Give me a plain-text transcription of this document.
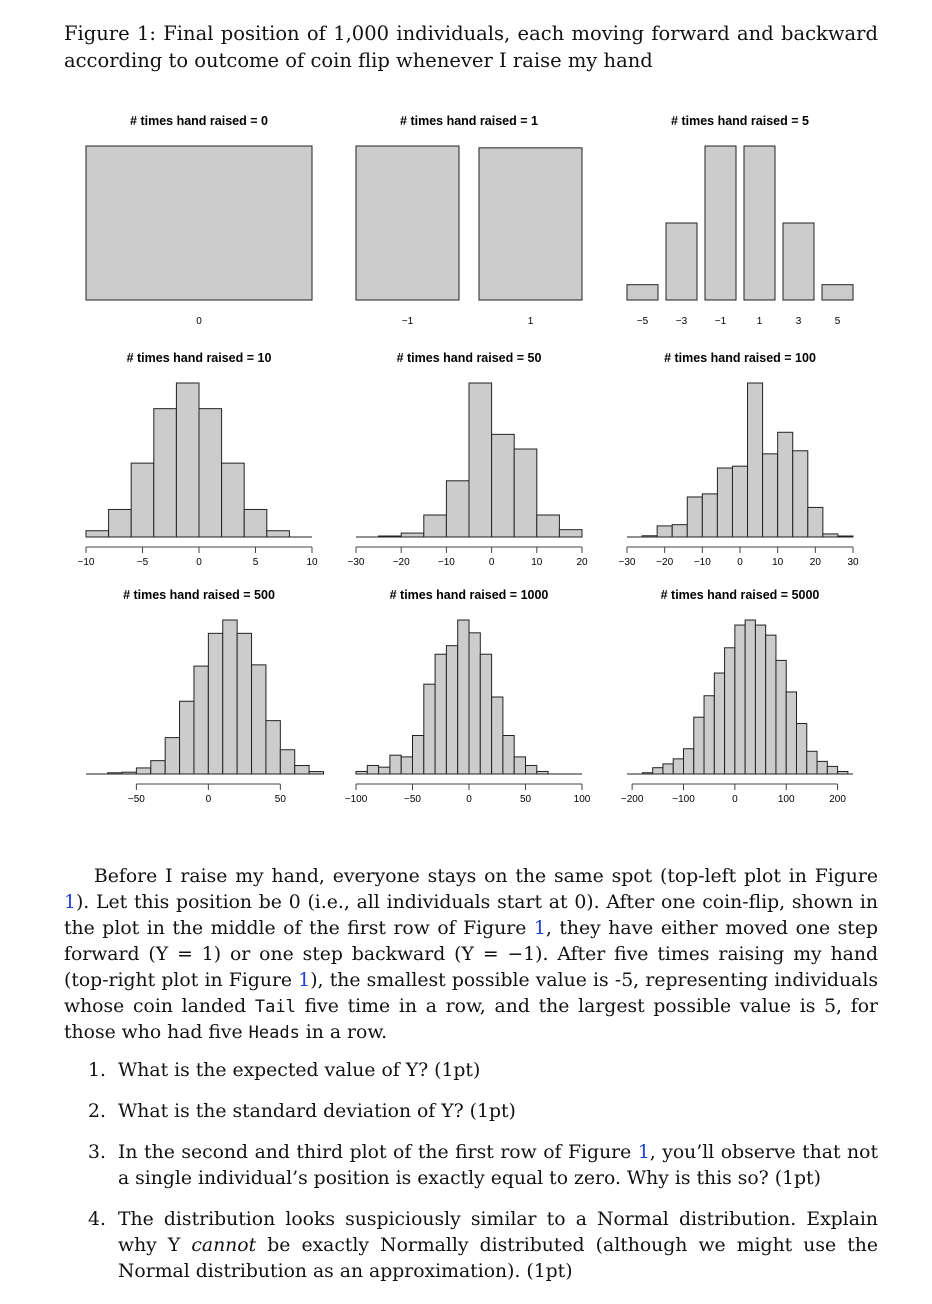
Figure 1: Final position of 1,000 individuals, each moving forward and backward according to outcome of coin flip whenever I raise my hand
# times hand raised = 0
0
# times hand raised = 1
−1	1
# times hand raised = 5
−5	−3	−1	1	3	5
# times hand raised = 10
−10	−5	0	5	10
# times hand raised = 50
−30	−20	−10	0	10	20
# times hand raised = 100
−30 −20 −10	0	10	20	30
# times hand raised = 500
−50	0	50
# times hand raised = 1000
−100	−50	0	50	100
# times hand raised = 5000
−200	−100	0	100	200
Before I raise my hand, everyone stays on the same spot (top-left plot in Figure 1). Let this position be 0 (i.e., all individuals start at 0). After one coin-flip, shown in the plot in the middle of the first row of Figure 1, they have either moved one step forward (Y = 1) or one step backward (Y = −1). After five times raising my hand (top-right plot in Figure 1), the smallest possible value is -5, representing individuals whose coin landed Tail five time in a row, and the largest possible value is 5, for those who had five Heads in a row.
1. What is the expected value of Y? (1pt)
2. What is the standard deviation of Y? (1pt)
3. In the second and third plot of the first row of Figure 1, you’ll observe that not a single individual’s position is exactly equal to zero. Why is this so? (1pt)
4. The distribution looks suspiciously similar to a Normal distribution. Explain why Y cannot be exactly Normally distributed (although we might use the Normal distribution as an approximation). (1pt)
